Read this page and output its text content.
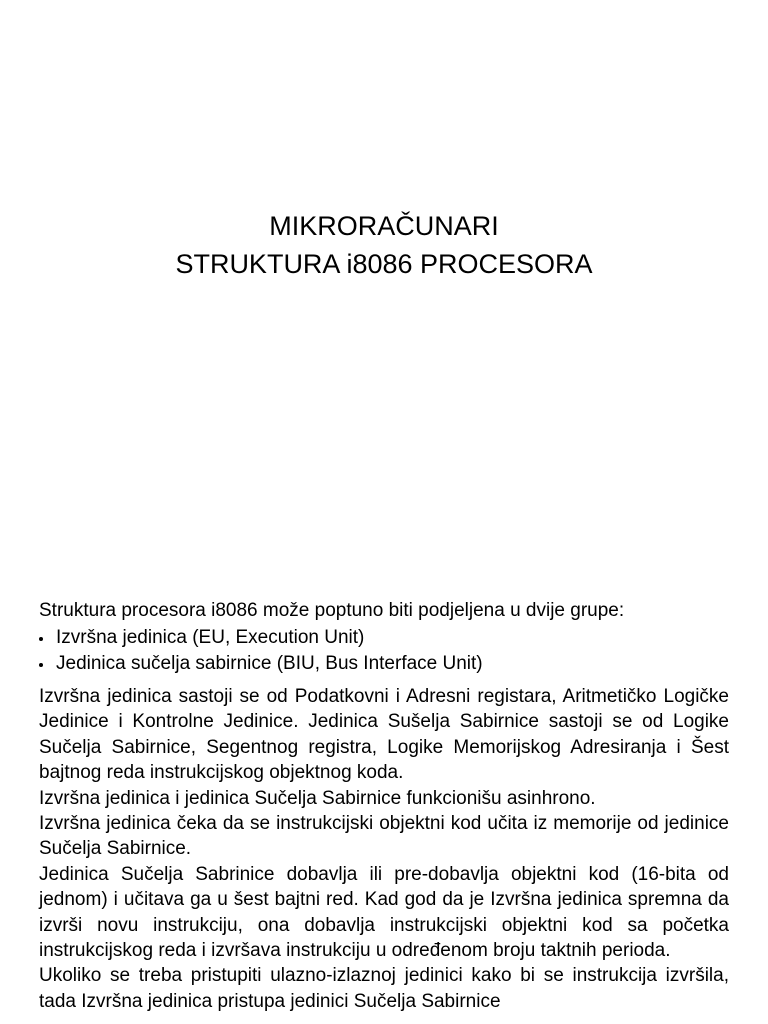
MIKRORAČUNARI
STRUKTURA i8086 PROCESORA

Struktura procesora i8086 može poptuno biti podjeljena u dvije grupe:

Izvršna jedinica (EU, Execution Unit)
Jedinica sučelja sabirnice (BIU, Bus Interface Unit)

Izvršna jedinica sastoji se od Podatkovni i Adresni registara, Aritmetičko Logičke Jedinice i Kontrolne Jedinice. Jedinica Sušelja Sabirnice sastoji se od Logike Sučelja Sabirnice, Segentnog registra, Logike Memorijskog Adresiranja i Šest bajtnog reda instrukcijskog objektnog koda.

Izvršna jedinica i jedinica Sučelja Sabirnice funkcionišu asinhrono.

Izvršna jedinica čeka da se instrukcijski objektni kod učita iz memorije od jedinice Sučelja Sabirnice.

Jedinica Sučelja Sabrinice dobavlja ili pre-dobavlja objektni kod (16-bita od jednom) i učitava ga u šest bajtni red. Kad god da je Izvršna jedinica spremna da izvrši novu instrukciju, ona dobavlja instrukcijski objektni kod sa početka instrukcijskog reda i izvršava instrukciju u određenom broju taktnih perioda.

Ukoliko se treba pristupiti ulazno-izlaznoj jedinici kako bi se instrukcija izvršila, tada Izvršna jedinica pristupa jedinici Sučelja Sabirnice
